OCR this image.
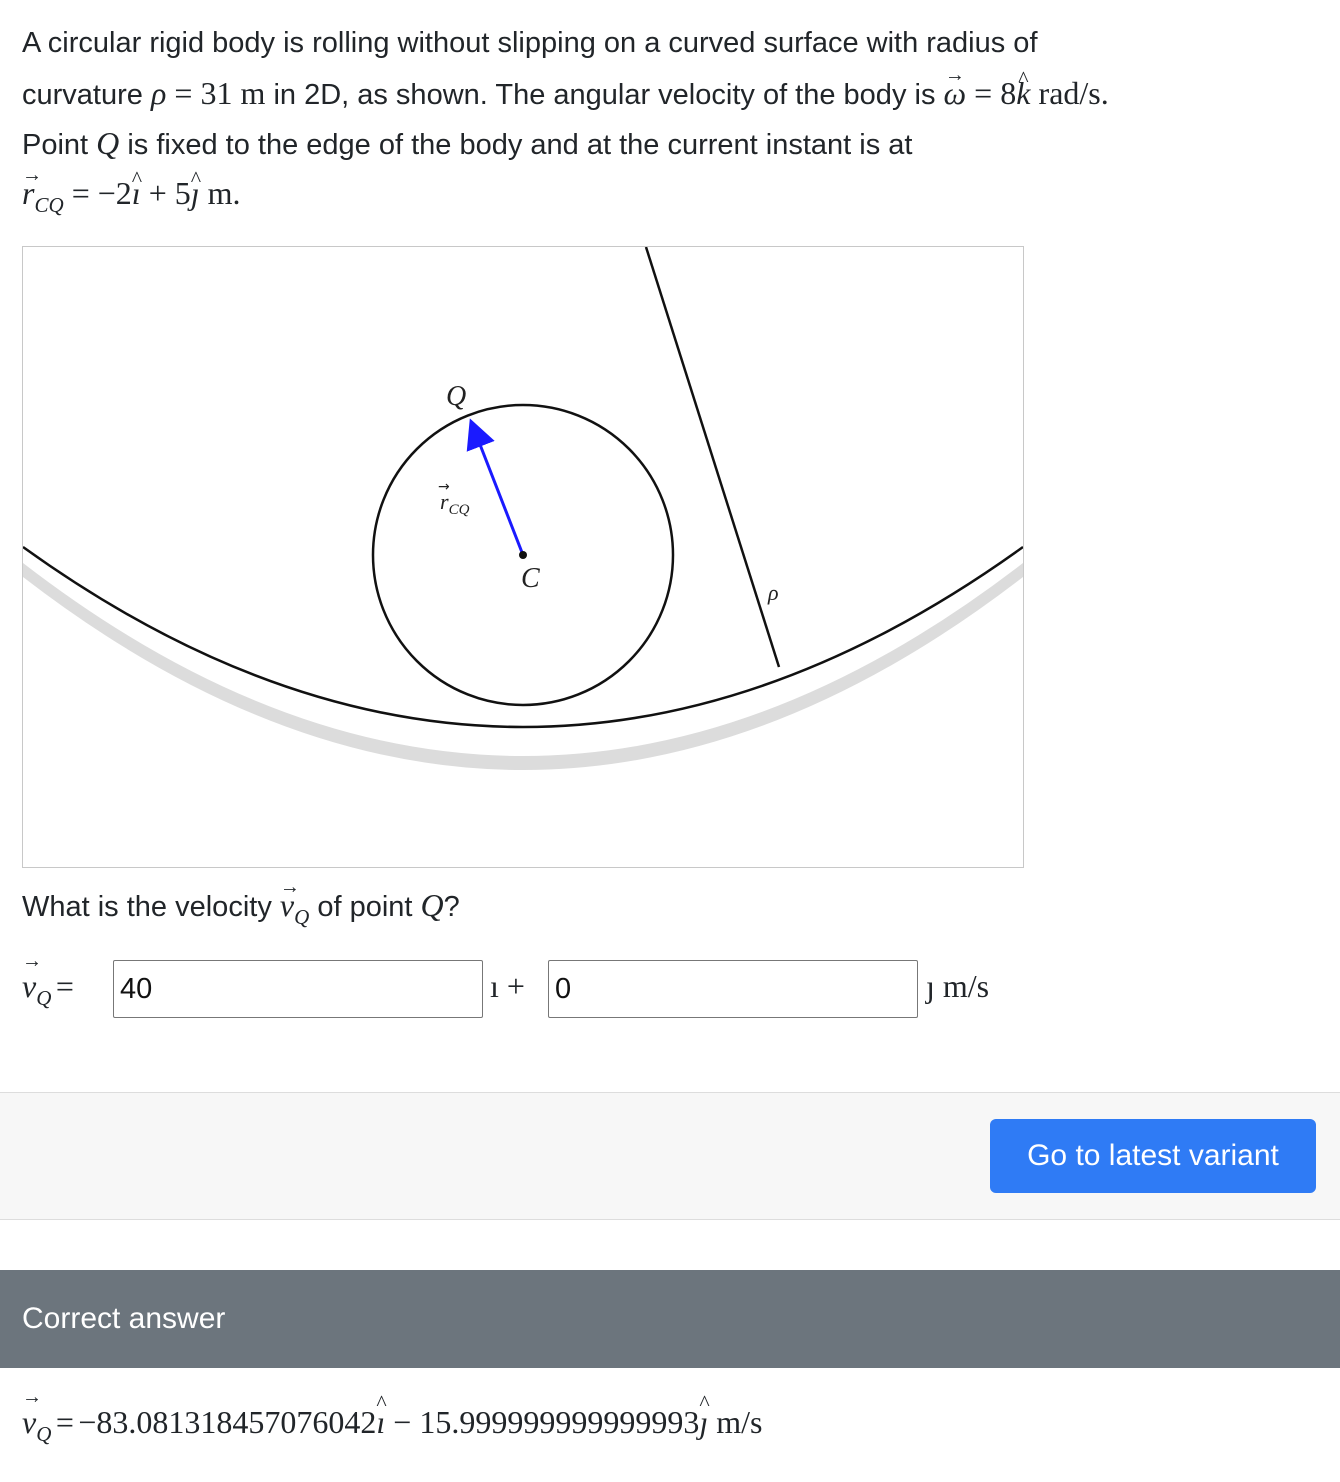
A circular rigid body is rolling without slipping on a curved surface with radius of
curvature ρ = 31 m in 2D, as shown. The angular velocity of the body is → ω = 8^ k rad/s.
Point Q is fixed to the edge of the body and at the current instant is at
→ $r_{CQ}$ = −2^ ı + 5^ ȷ m.
Q
C	ρ
$r_{CQ}$
→
What is the velocity → $v_Q$ of point Q?
→ vQ =
40	ı +
0	ȷ m/s
Go to latest variant
Correct answer
→ vQ = −83.081318457076042^ ı − 15.999999999999993^ ȷ m/s
